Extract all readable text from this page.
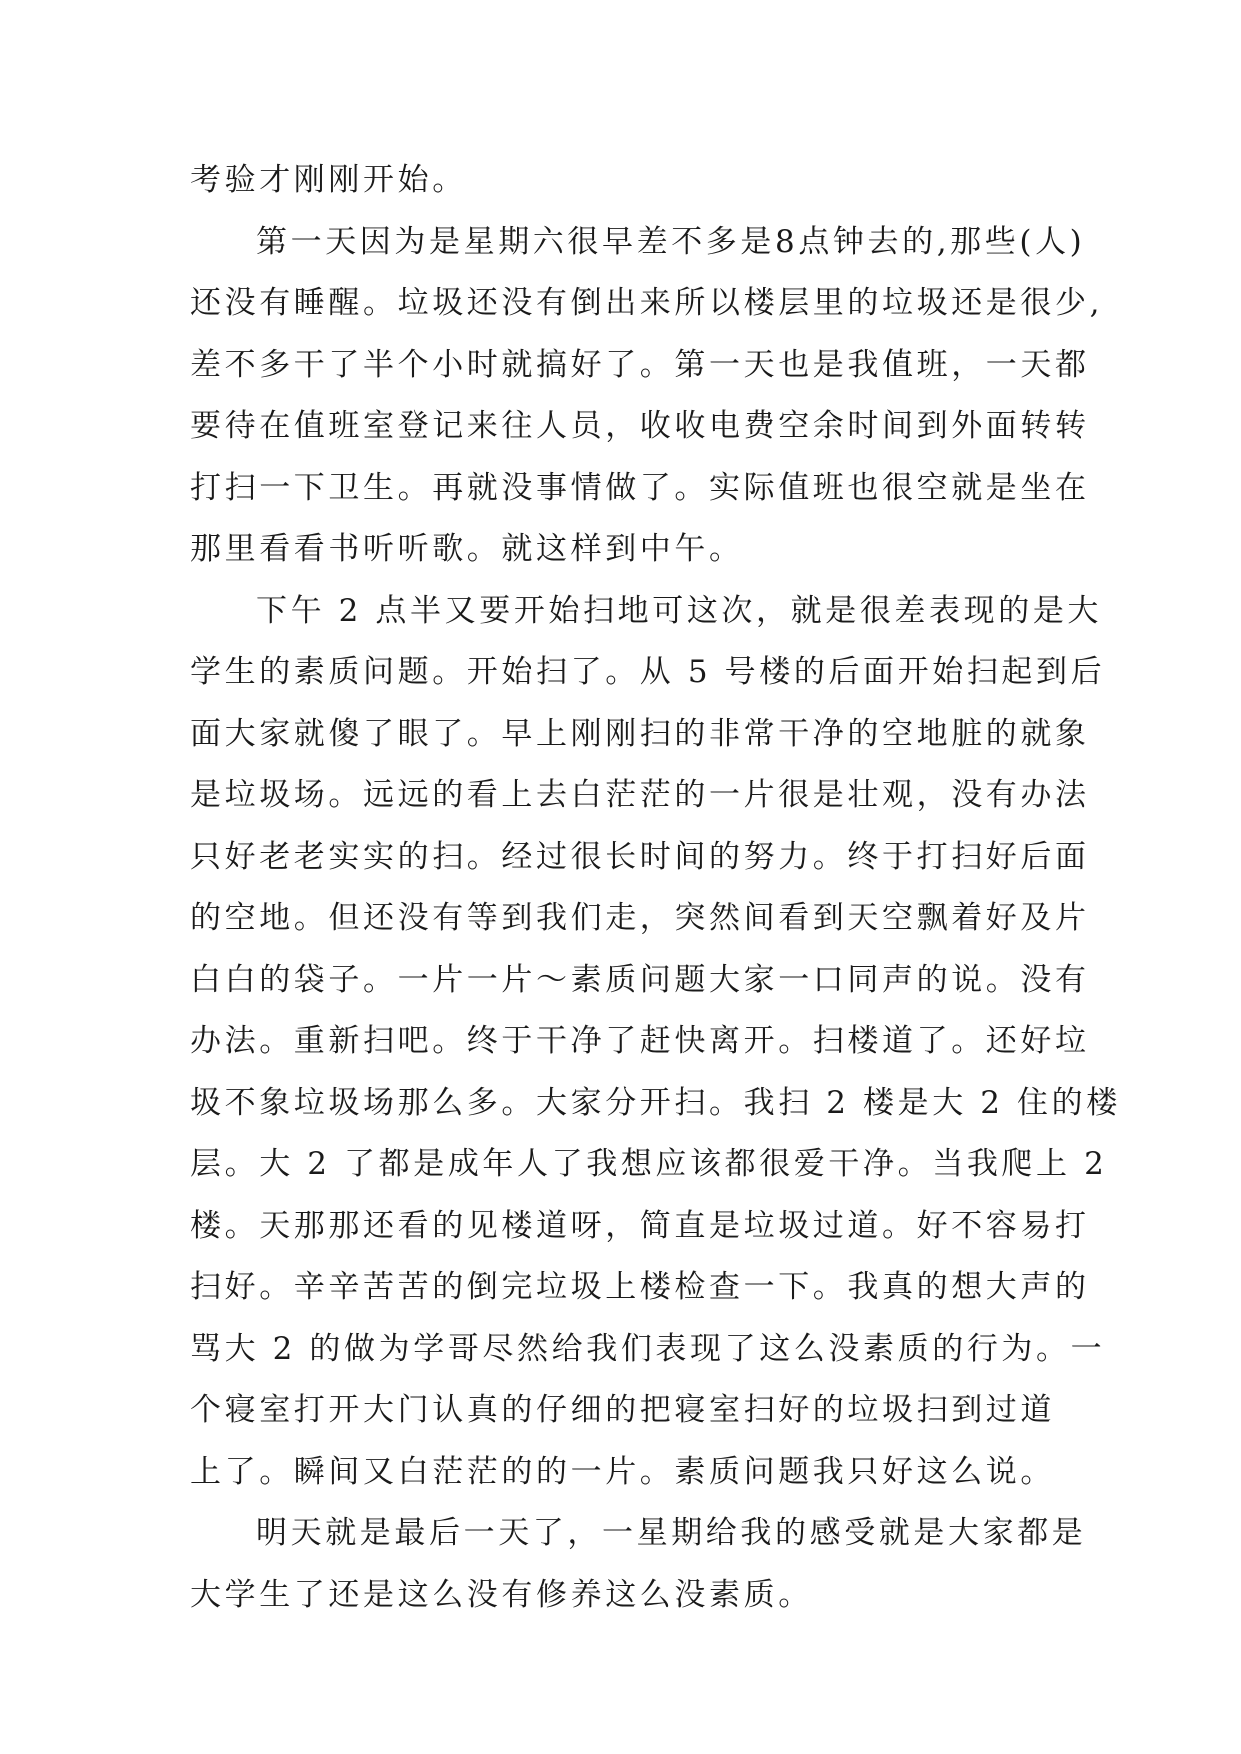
考验才刚刚开始。
第一天因为是星期六很早差不多是8点钟去的,那些(人)
还没有睡醒。垃圾还没有倒出来所以楼层里的垃圾还是很少,
差不多干了半个小时就搞好了。第一天也是我值班，一天都
要待在值班室登记来往人员，收收电费空余时间到外面转转
打扫一下卫生。再就没事情做了。实际值班也很空就是坐在
那里看看书听听歌。就这样到中午。
下午 2 点半又要开始扫地可这次，就是很差表现的是大
学生的素质问题。开始扫了。从 5 号楼的后面开始扫起到后
面大家就傻了眼了。早上刚刚扫的非常干净的空地脏的就象
是垃圾场。远远的看上去白茫茫的一片很是壮观，没有办法
只好老老实实的扫。经过很长时间的努力。终于打扫好后面
的空地。但还没有等到我们走，突然间看到天空飘着好及片
白白的袋子。一片一片～素质问题大家一口同声的说。没有
办法。重新扫吧。终于干净了赶快离开。扫楼道了。还好垃
圾不象垃圾场那么多。大家分开扫。我扫 2 楼是大 2 住的楼
层。大 2 了都是成年人了我想应该都很爱干净。当我爬上 2
楼。天那那还看的见楼道呀，简直是垃圾过道。好不容易打
扫好。辛辛苦苦的倒完垃圾上楼检查一下。我真的想大声的
骂大 2 的做为学哥尽然给我们表现了这么没素质的行为。一
个寝室打开大门认真的仔细的把寝室扫好的垃圾扫到过道
上了。瞬间又白茫茫的的一片。素质问题我只好这么说。
明天就是最后一天了，一星期给我的感受就是大家都是
大学生了还是这么没有修养这么没素质。
